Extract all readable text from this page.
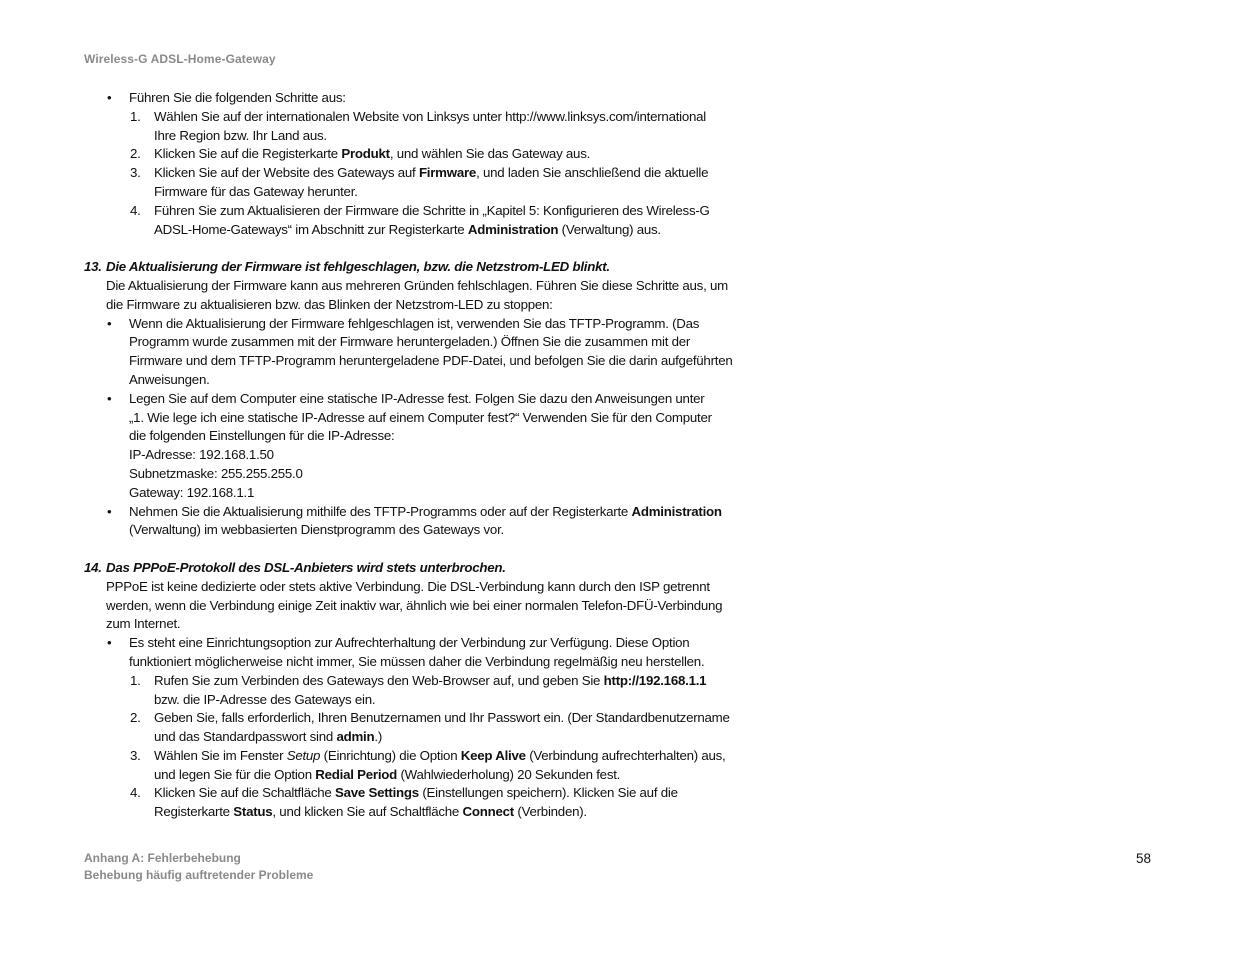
Wireless-G ADSL-Home-Gateway
• Führen Sie die folgenden Schritte aus:
1. Wählen Sie auf der internationalen Website von Linksys unter http://www.linksys.com/international
Ihre Region bzw. Ihr Land aus.
2. Klicken Sie auf die Registerkarte Produkt, und wählen Sie das Gateway aus.
3. Klicken Sie auf der Website des Gateways auf Firmware, und laden Sie anschließend die aktuelle
Firmware für das Gateway herunter.
4. Führen Sie zum Aktualisieren der Firmware die Schritte in „Kapitel 5: Konfigurieren des Wireless-G
ADSL-Home-Gateways“ im Abschnitt zur Registerkarte Administration (Verwaltung) aus.
13. Die Aktualisierung der Firmware ist fehlgeschlagen, bzw. die Netzstrom-LED blinkt.
Die Aktualisierung der Firmware kann aus mehreren Gründen fehlschlagen. Führen Sie diese Schritte aus, um
die Firmware zu aktualisieren bzw. das Blinken der Netzstrom-LED zu stoppen:
• Wenn die Aktualisierung der Firmware fehlgeschlagen ist, verwenden Sie das TFTP-Programm. (Das
Programm wurde zusammen mit der Firmware heruntergeladen.) Öffnen Sie die zusammen mit der
Firmware und dem TFTP-Programm heruntergeladene PDF-Datei, und befolgen Sie die darin aufgeführten
Anweisungen.
• Legen Sie auf dem Computer eine statische IP-Adresse fest. Folgen Sie dazu den Anweisungen unter
„1. Wie lege ich eine statische IP-Adresse auf einem Computer fest?“ Verwenden Sie für den Computer
die folgenden Einstellungen für die IP-Adresse:
IP-Adresse: 192.168.1.50
Subnetzmaske: 255.255.255.0
Gateway: 192.168.1.1
• Nehmen Sie die Aktualisierung mithilfe des TFTP-Programms oder auf der Registerkarte Administration
(Verwaltung) im webbasierten Dienstprogramm des Gateways vor.
14. Das PPPoE-Protokoll des DSL-Anbieters wird stets unterbrochen.
PPPoE ist keine dedizierte oder stets aktive Verbindung. Die DSL-Verbindung kann durch den ISP getrennt
werden, wenn die Verbindung einige Zeit inaktiv war, ähnlich wie bei einer normalen Telefon-DFÜ-Verbindung
zum Internet.
• Es steht eine Einrichtungsoption zur Aufrechterhaltung der Verbindung zur Verfügung. Diese Option
funktioniert möglicherweise nicht immer, Sie müssen daher die Verbindung regelmäßig neu herstellen.
1. Rufen Sie zum Verbinden des Gateways den Web-Browser auf, und geben Sie http://192.168.1.1
bzw. die IP-Adresse des Gateways ein.
2. Geben Sie, falls erforderlich, Ihren Benutzernamen und Ihr Passwort ein. (Der Standardbenutzername
und das Standardpasswort sind admin.)
3. Wählen Sie im Fenster Setup (Einrichtung) die Option Keep Alive (Verbindung aufrechterhalten) aus,
und legen Sie für die Option Redial Period (Wahlwiederholung) 20 Sekunden fest.
4. Klicken Sie auf die Schaltfläche Save Settings (Einstellungen speichern). Klicken Sie auf die
Registerkarte Status, und klicken Sie auf Schaltfläche Connect (Verbinden).
Anhang A: Fehlerbehebung
Behebung häufig auftretender Probleme
58
